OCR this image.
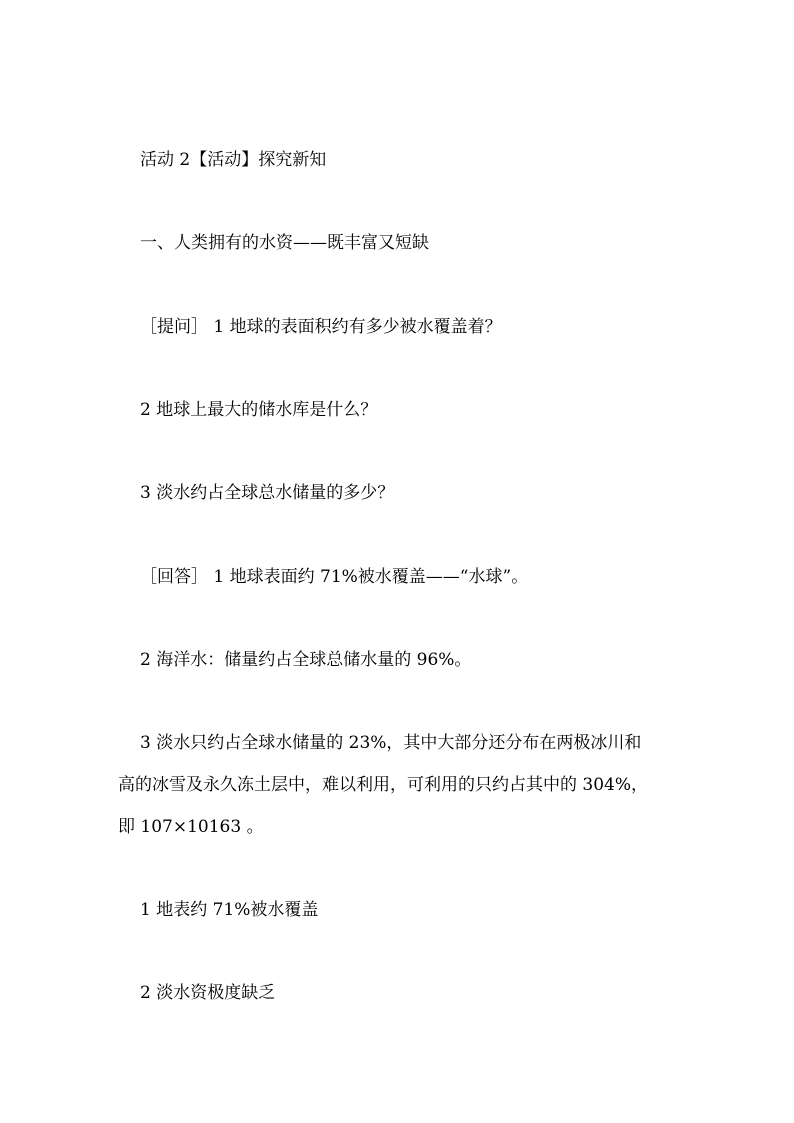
活动 2【活动】探究新知
一、人类拥有的水资——既丰富又短缺
［提问］ 1 地球的表面积约有多少被水覆盖着？
2 地球上最大的储水库是什么？
3 淡水约占全球总水储量的多少？
［回答］ 1 地球表面约 71%被水覆盖——“水球”。
2 海洋水：储量约占全球总储水量的 96%。
3 淡水只约占全球水储量的 23%，其中大部分还分布在两极冰川和
高的冰雪及永久冻土层中，难以利用，可利用的只约占其中的 304%，
即 107×10163 。
1 地表约 71%被水覆盖
2 淡水资极度缺乏
